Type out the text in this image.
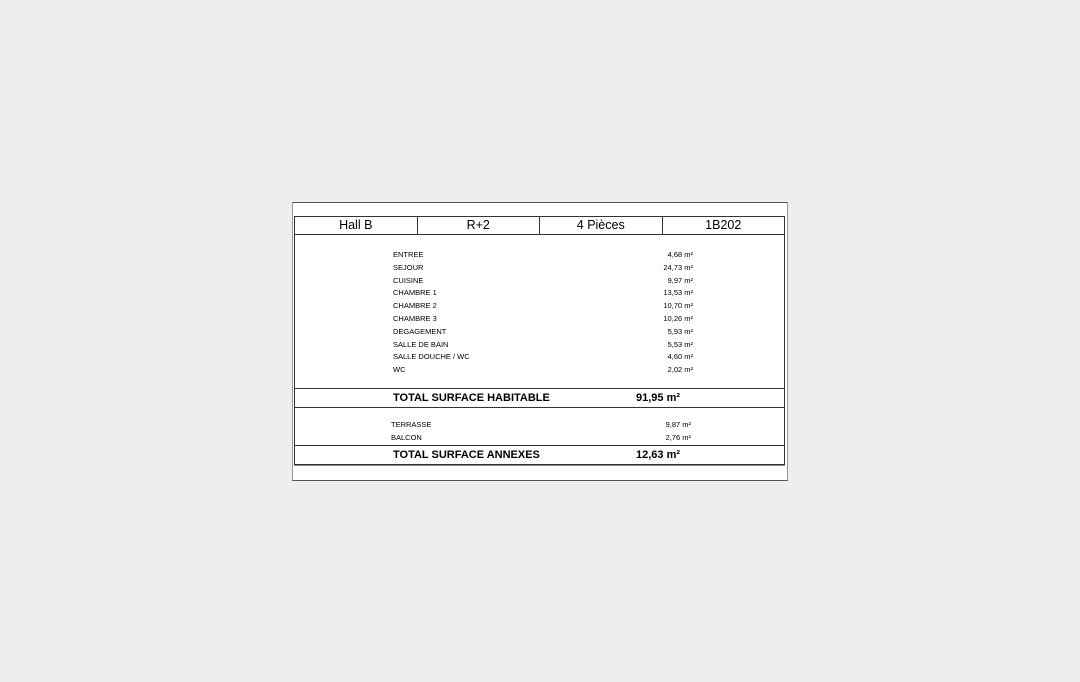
Hall B	R+2	4 Pièces	1B202
ENTREE	4,68 m²
SEJOUR	24,73 m²
CUISINE	9,97 m²
CHAMBRE 1	13,53 m²
CHAMBRE 2	10,70 m²
CHAMBRE 3	10,26 m²
DEGAGEMENT	5,93 m²
SALLE DE BAIN	5,53 m²
SALLE DOUCHE / WC	4,60 m²
WC	2,02 m²
TOTAL SURFACE HABITABLE	91,95 m²
TERRASSE	9,87 m²
BALCON	2,76 m²
TOTAL SURFACE ANNEXES	12,63 m²
